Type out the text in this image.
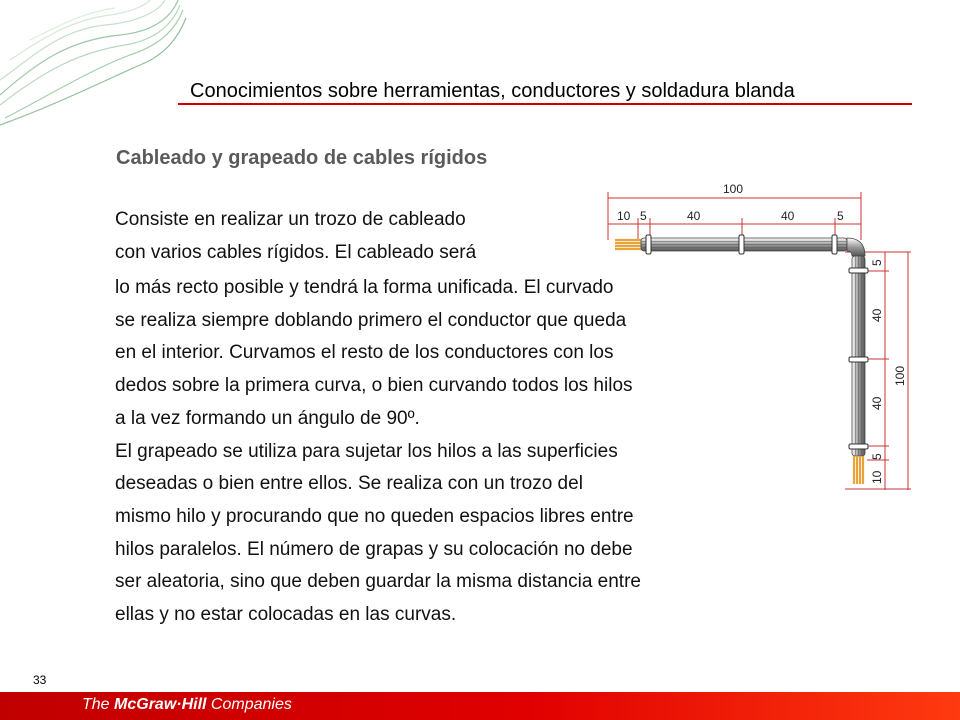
Conocimientos sobre herramientas, conductores y soldadura blanda
Cableado y grapeado de cables rígidos
Consiste en realizar un trozo de cableado
con varios cables rígidos. El cableado será
lo más recto posible y tendrá la forma unificada. El curvado
se realiza siempre doblando primero el conductor que queda
en el interior. Curvamos el resto de los conductores con los
dedos sobre la primera curva, o bien curvando todos los hilos
a la vez formando un ángulo de 90º.
El grapeado se utiliza para sujetar los hilos a las superficies
deseadas o bien entre ellos. Se realiza con un trozo del
mismo hilo y procurando que no queden espacios libres entre
hilos paralelos. El número de grapas y su colocación no debe
ser aleatoria, sino que deben guardar la misma distancia entre
ellas y no estar colocadas en las curvas.
100
10 5	40	40	5
5
40
40
5
10
100
33
The McGraw·Hill Companies
